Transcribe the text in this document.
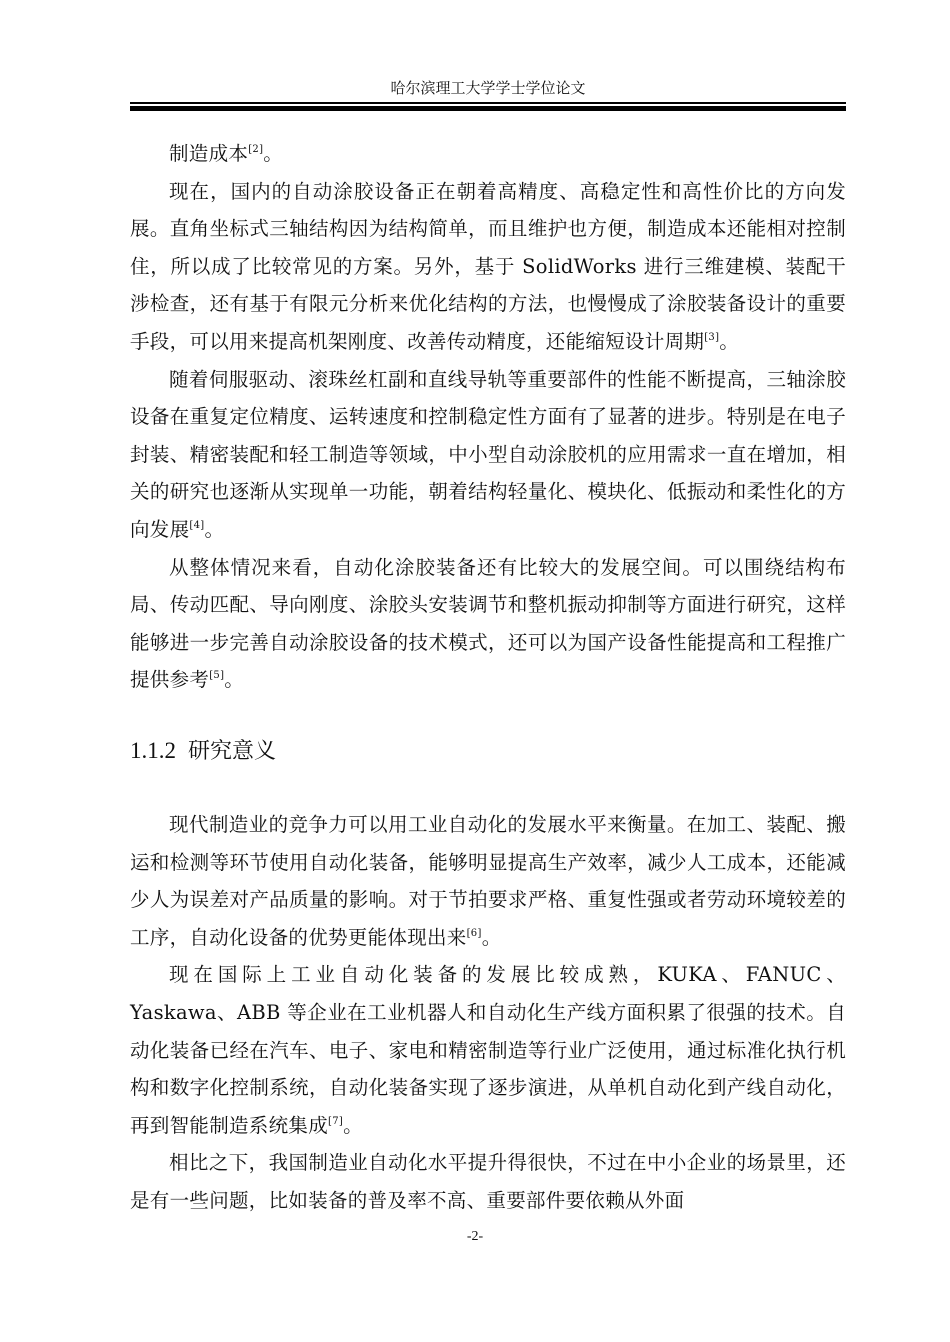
哈尔滨理工大学学士学位论文

制造成本[2]。

现在，国内的自动涂胶设备正在朝着高精度、高稳定性和高性价比的方向发展。直角坐标式三轴结构因为结构简单，而且维护也方便，制造成本还能相对控制住，所以成了比较常见的方案。另外，基于 SolidWorks 进行三维建模、装配干涉检查，还有基于有限元分析来优化结构的方法，也慢慢成了涂胶装备设计的重要手段，可以用来提高机架刚度、改善传动精度，还能缩短设计周期[3]。

随着伺服驱动、滚珠丝杠副和直线导轨等重要部件的性能不断提高，三轴涂胶设备在重复定位精度、运转速度和控制稳定性方面有了显著的进步。特别是在电子封装、精密装配和轻工制造等领域，中小型自动涂胶机的应用需求一直在增加，相关的研究也逐渐从实现单一功能，朝着结构轻量化、模块化、低振动和柔性化的方向发展[4]。

从整体情况来看，自动化涂胶装备还有比较大的发展空间。可以围绕结构布局、传动匹配、导向刚度、涂胶头安装调节和整机振动抑制等方面进行研究，这样能够进一步完善自动涂胶设备的技术模式，还可以为国产设备性能提高和工程推广提供参考[5]。

1.1.2 研究意义

现代制造业的竞争力可以用工业自动化的发展水平来衡量。在加工、装配、搬运和检测等环节使用自动化装备，能够明显提高生产效率，减少人工成本，还能减少人为误差对产品质量的影响。对于节拍要求严格、重复性强或者劳动环境较差的工序，自动化设备的优势更能体现出来[6]。

现在国际上工业自动化装备的发展比较成熟，KUKA、FANUC、Yaskawa、ABB 等企业在工业机器人和自动化生产线方面积累了很强的技术。自动化装备已经在汽车、电子、家电和精密制造等行业广泛使用，通过标准化执行机构和数字化控制系统，自动化装备实现了逐步演进，从单机自动化到产线自动化，再到智能制造系统集成[7]。

相比之下，我国制造业自动化水平提升得很快，不过在中小企业的场景里，还是有一些问题，比如装备的普及率不高、重要部件要依赖从外面

-2-
